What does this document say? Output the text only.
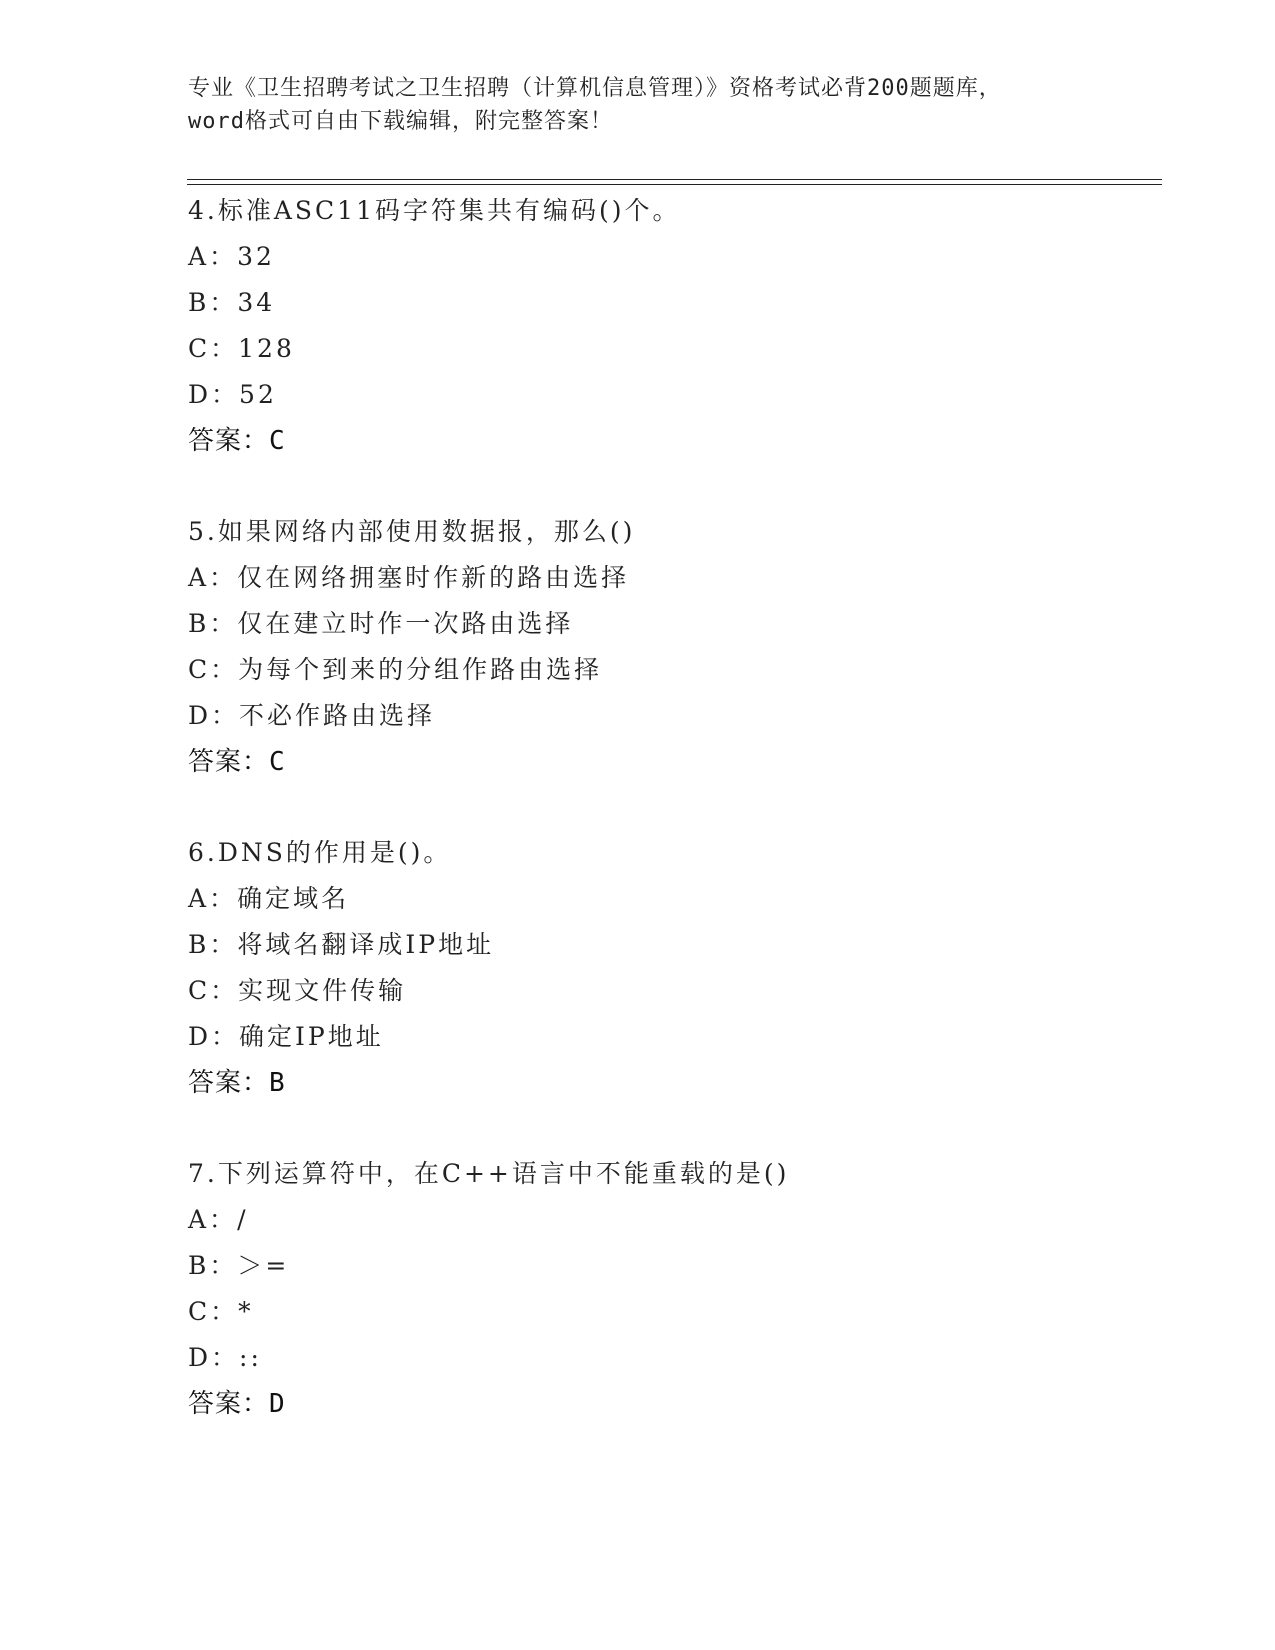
专业《卫生招聘考试之卫生招聘（计算机信息管理）》资格考试必背200题题库，
word格式可自由下载编辑，附完整答案！
4.标准ASC11码字符集共有编码()个。
A：32
B：34
C：128
D：52
答案：C
5.如果网络内部使用数据报，那么()
A：仅在网络拥塞时作新的路由选择
B：仅在建立时作一次路由选择
C：为每个到来的分组作路由选择
D：不必作路由选择
答案：C
6.DNS的作用是()。
A：确定域名
B：将域名翻译成IP地址
C：实现文件传输
D：确定IP地址
答案：B
7.下列运算符中，在C++语言中不能重载的是()
A：/
B：＞=
C：*
D：::
答案：D
